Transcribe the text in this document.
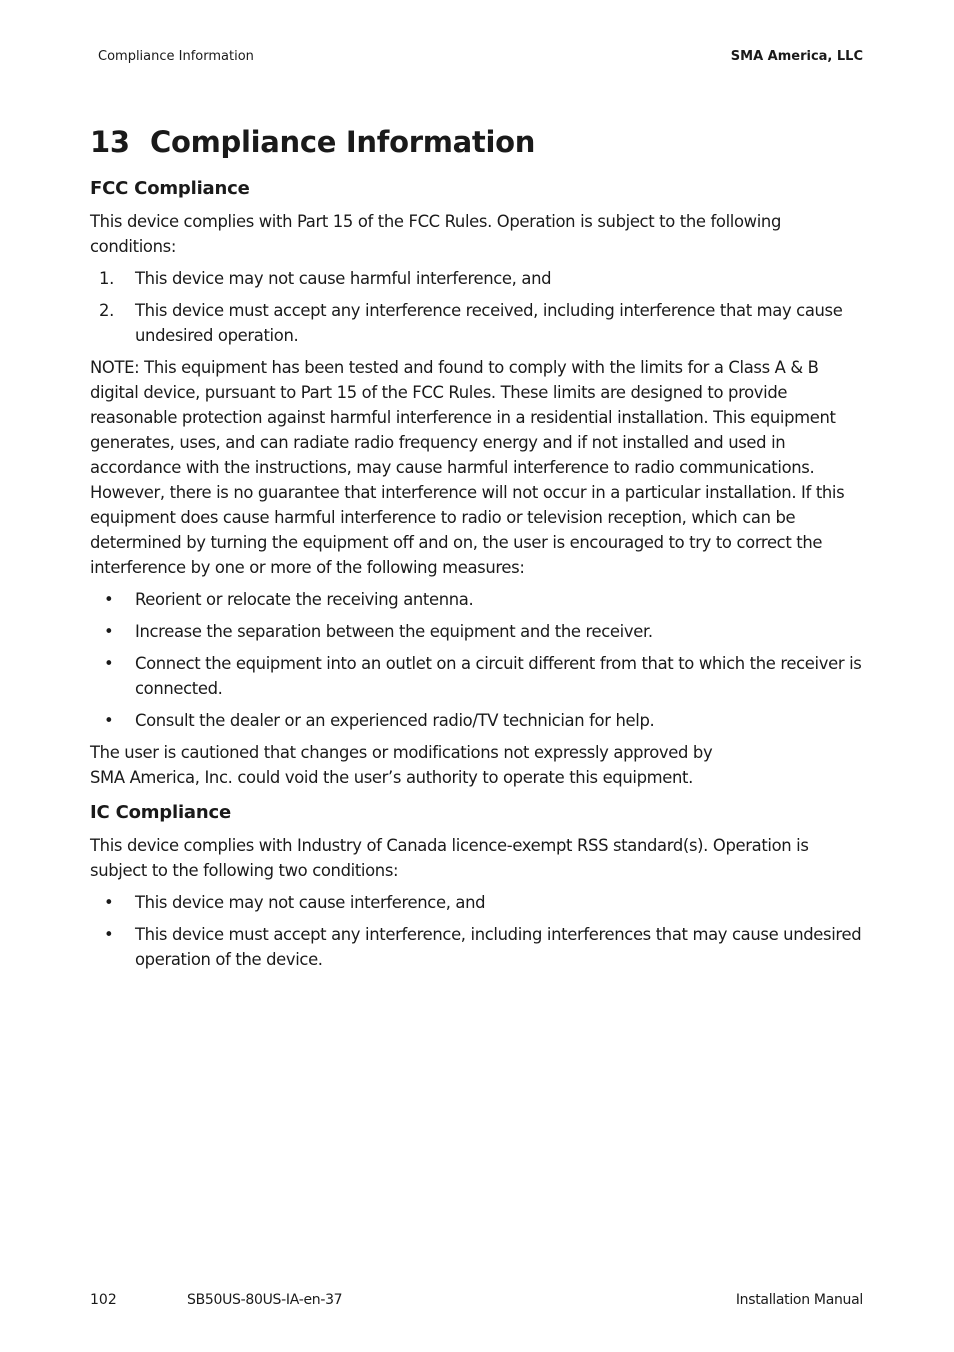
Compliance Information	SMA America, LLC
13 Compliance Information
FCC Compliance

This device complies with Part 15 of the FCC Rules. Operation is subject to the following conditions:

1. This device may not cause harmful interference, and
2. This device must accept any interference received, including interference that may cause undesired operation.

NOTE: This equipment has been tested and found to comply with the limits for a Class A & B digital device, pursuant to Part 15 of the FCC Rules. These limits are designed to provide reasonable protection against harmful interference in a residential installation. This equipment generates, uses, and can radiate radio frequency energy and if not installed and used in accordance with the instructions, may cause harmful interference to radio communications. However, there is no guarantee that interference will not occur in a particular installation. If this equipment does cause harmful interference to radio or television reception, which can be determined by turning the equipment off and on, the user is encouraged to try to correct the interference by one or more of the following measures:

• Reorient or relocate the receiving antenna.
• Increase the separation between the equipment and the receiver.
• Connect the equipment into an outlet on a circuit different from that to which the receiver is connected.
• Consult the dealer or an experienced radio/TV technician for help.

The user is cautioned that changes or modifications not expressly approved by
SMA America, Inc. could void the user’s authority to operate this equipment.

IC Compliance

This device complies with Industry of Canada licence-exempt RSS standard(s). Operation is subject to the following two conditions:

• This device may not cause interference, and
• This device must accept any interference, including interferences that may cause undesired operation of the device.
102	SB50US-80US-IA-en-37	Installation Manual
